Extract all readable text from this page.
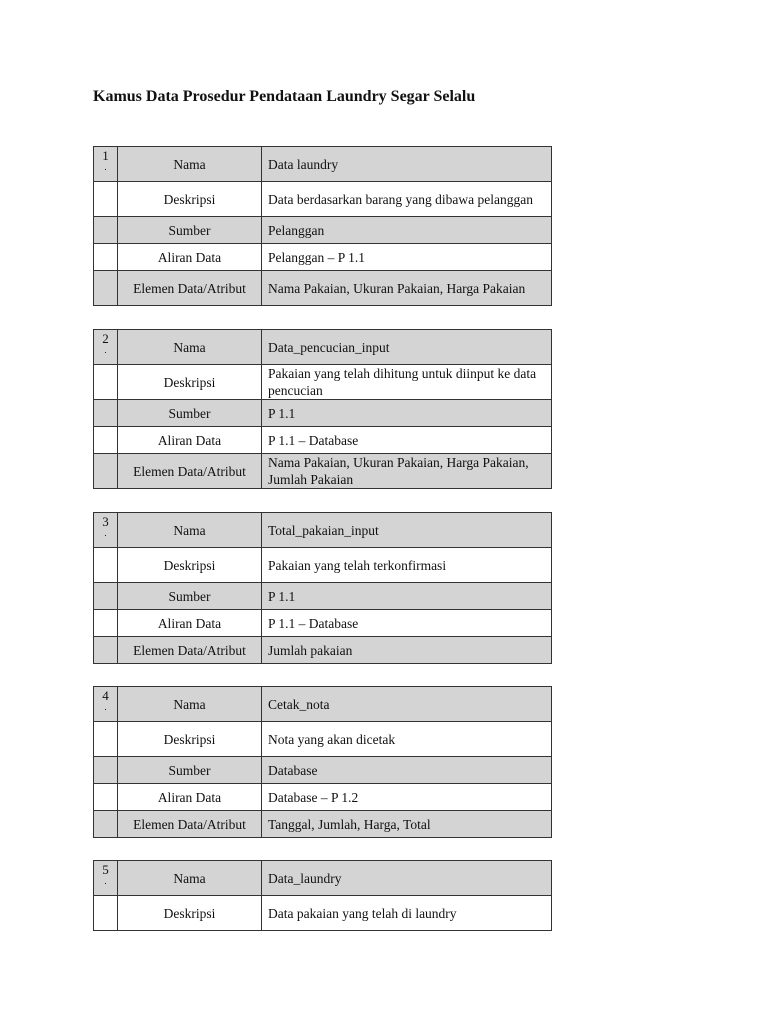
Kamus Data Prosedur Pendataan Laundry Segar Selalu
1
.	Nama	Data laundry
	Deskripsi	Data berdasarkan barang yang dibawa pelanggan
	Sumber	Pelanggan
	Aliran Data	Pelanggan – P 1.1
	Elemen Data/Atribut	Nama Pakaian, Ukuran Pakaian, Harga Pakaian
2
.	Nama	Data_pencucian_input
	Deskripsi	Pakaian yang telah dihitung untuk diinput ke data pencucian
	Sumber	P 1.1
	Aliran Data	P 1.1 – Database
	Elemen Data/Atribut	Nama Pakaian, Ukuran Pakaian, Harga Pakaian, Jumlah Pakaian
3
.	Nama	Total_pakaian_input
	Deskripsi	Pakaian yang telah terkonfirmasi
	Sumber	P 1.1
	Aliran Data	P 1.1 – Database
	Elemen Data/Atribut	Jumlah pakaian
4
.	Nama	Cetak_nota
	Deskripsi	Nota yang akan dicetak
	Sumber	Database
	Aliran Data	Database – P 1.2
	Elemen Data/Atribut	Tanggal, Jumlah, Harga, Total
5
.	Nama	Data_laundry
	Deskripsi	Data pakaian yang telah di laundry
